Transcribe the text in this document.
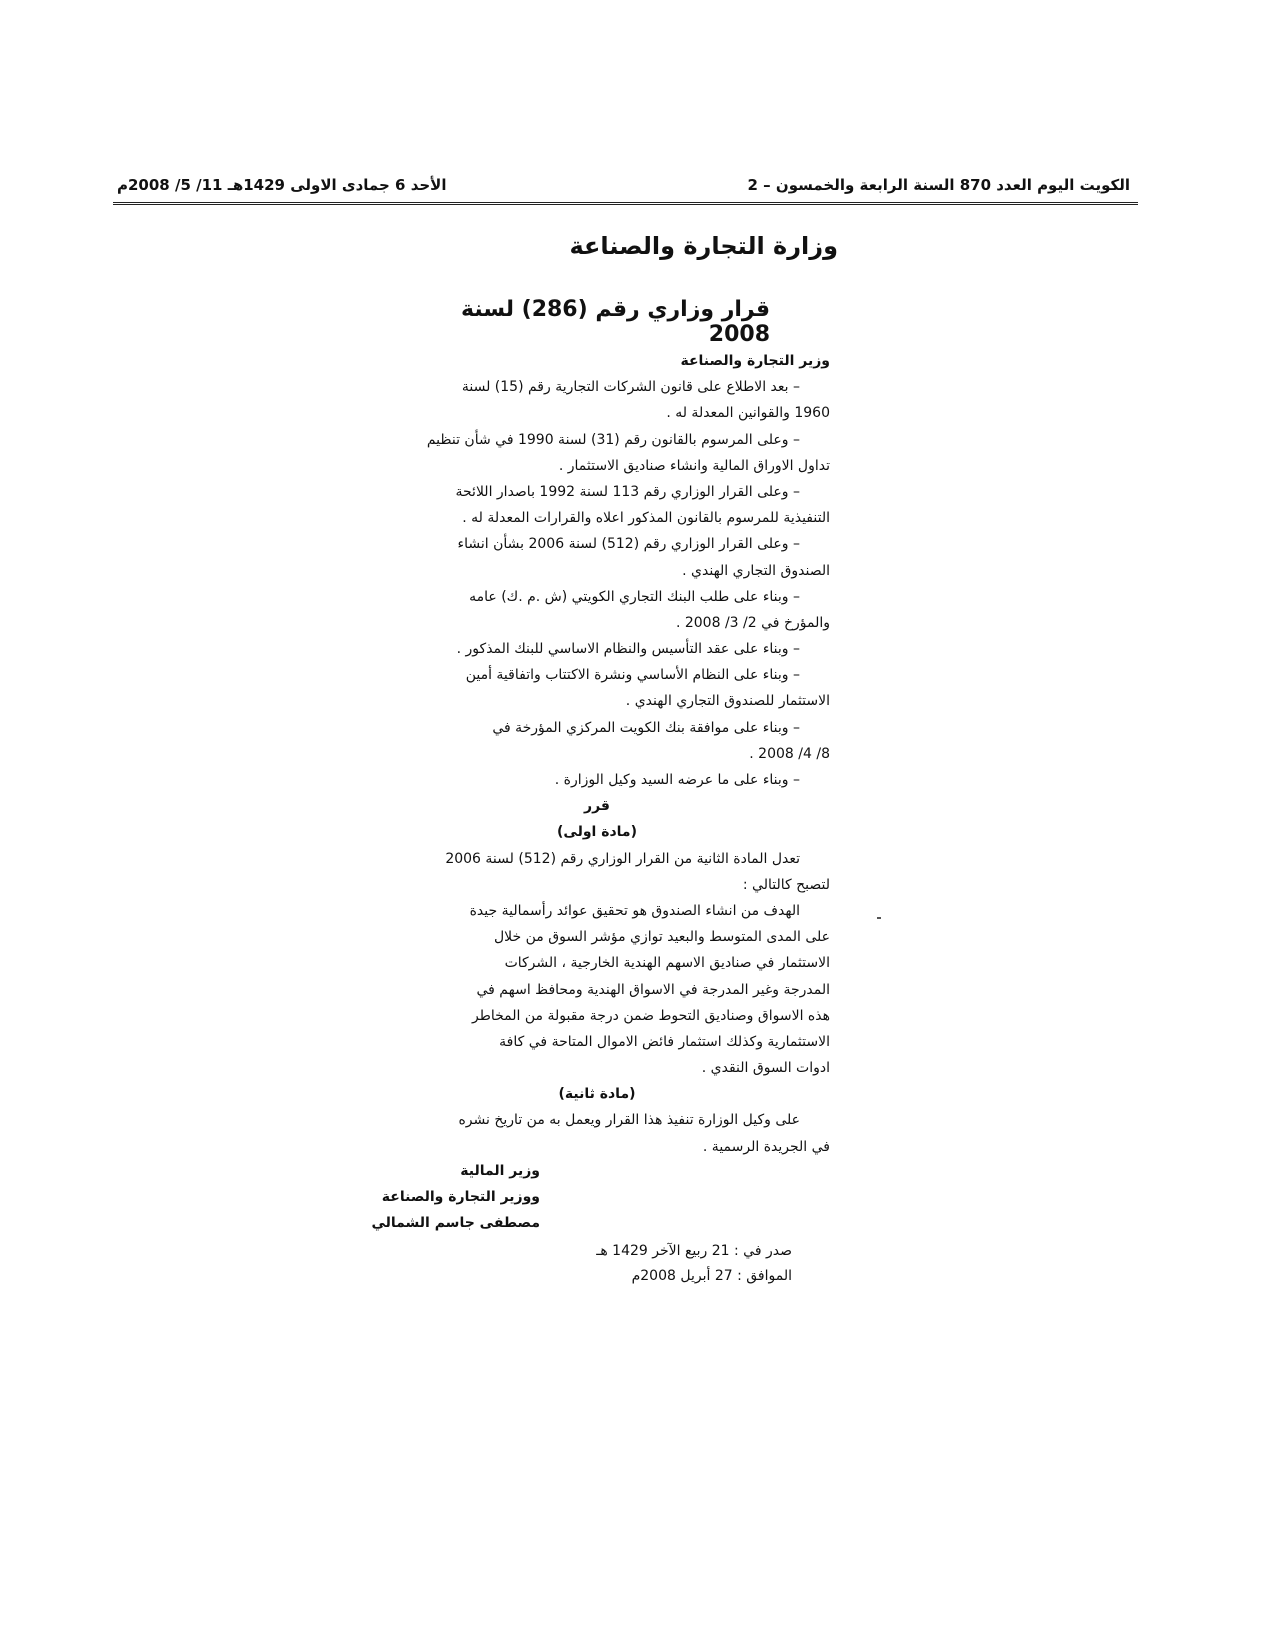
الكويت اليوم العدد 870 السنة الرابعة والخمسون – 2
الأحد 6 جمادى الاولى 1429هـ 11/ 5/ 2008م
وزارة التجارة والصناعة
قرار وزاري رقم (286) لسنة 2008
وزير التجارة والصناعة
– بعد الاطلاع على قانون الشركات التجارية رقم (15) لسنة
1960 والقوانين المعدلة له .
– وعلى المرسوم بالقانون رقم (31) لسنة 1990 في شأن تنظيم
تداول الاوراق المالية وانشاء صناديق الاستثمار .
– وعلى القرار الوزاري رقم 113 لسنة 1992 باصدار اللائحة
التنفيذية للمرسوم بالقانون المذكور اعلاه والقرارات المعدلة له .
– وعلى القرار الوزاري رقم (512) لسنة 2006 بشأن انشاء
الصندوق التجاري الهندي .
– وبناء على طلب البنك التجاري الكويتي (ش .م .ك) عامه
والمؤرخ في 2/ 3/ 2008 .
– وبناء على عقد التأسيس والنظام الاساسي للبنك المذكور .
– وبناء على النظام الأساسي ونشرة الاكتتاب واتفاقية أمين
الاستثمار للصندوق التجاري الهندي .
– وبناء على موافقة بنك الكويت المركزي المؤرخة في
8/ 4/ 2008 .
– وبناء على ما عرضه السيد وكيل الوزارة .
قرر
(مادة اولى)
تعدل المادة الثانية من القرار الوزاري رقم (512) لسنة 2006
لتصبح كالتالي :
الهدف من انشاء الصندوق هو تحقيق عوائد رأسمالية جيدة
على المدى المتوسط والبعيد توازي مؤشر السوق من خلال
الاستثمار في صناديق الاسهم الهندية الخارجية ، الشركات
المدرجة وغير المدرجة في الاسواق الهندية ومحافظ اسهم في
هذه الاسواق وصناديق التحوط ضمن درجة مقبولة من المخاطر
الاستثمارية وكذلك استثمار فائض الاموال المتاحة في كافة
ادوات السوق النقدي .
(مادة ثانية)
على وكيل الوزارة تنفيذ هذا القرار ويعمل به من تاريخ نشره
في الجريدة الرسمية .
وزير المالية
ووزير التجارة والصناعة
مصطفى جاسم الشمالي
صدر في : 21 ربيع الآخر 1429 هـ
الموافق : 27 أبريل 2008م
